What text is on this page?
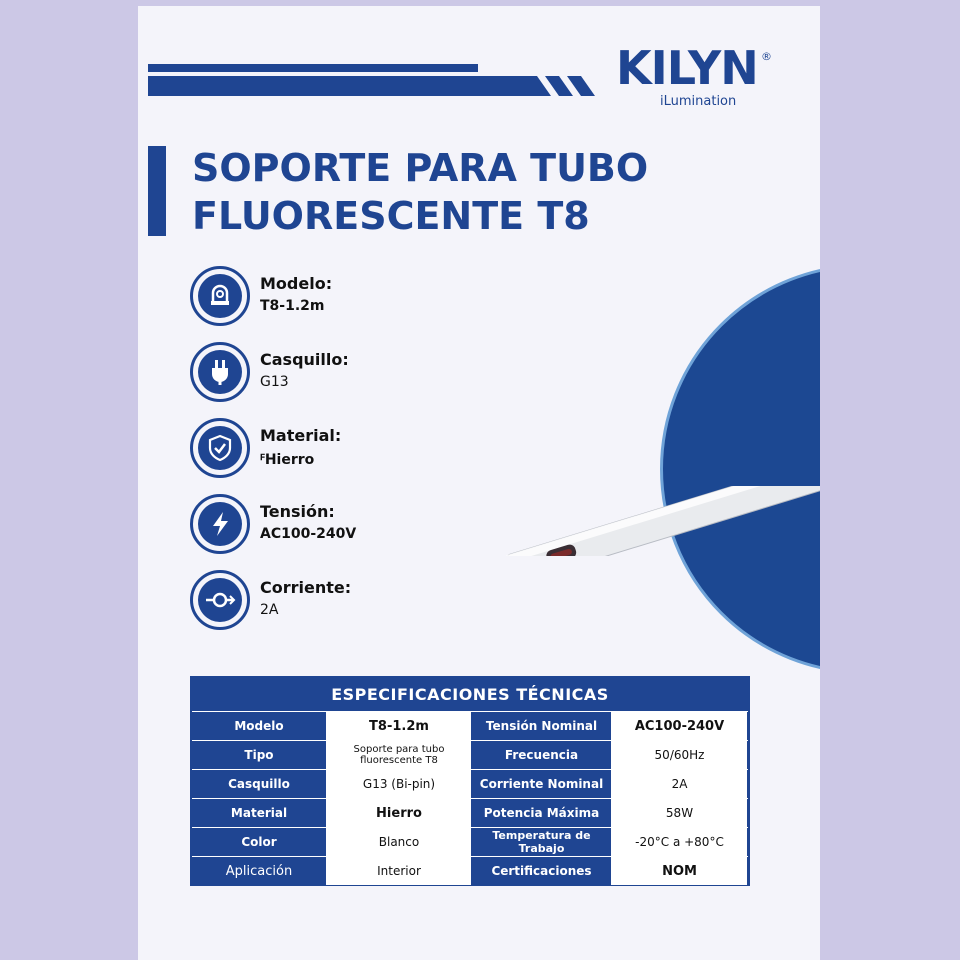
KILYN ®
iLumination
SOPORTE PARA TUBO
FLUORESCENTE T8
Modelo:
T8-1.2m
Casquillo:
G13
Material:
ꟳHierro
Tensión:
AC100-240V
Corriente:
2A
ESPECIFICACIONES TÉCNICAS
Modelo	T8-1.2m	Tensión Nominal	AC100-240V
Tipo	Soporte para tubo fluorescente T8	Frecuencia	50/60Hz
Casquillo	G13 (Bi-pin)	Corriente Nominal	2A
Material	Hierro	Potencia Máxima	58W
Color	Blanco	Temperatura de Trabajo	-20°C a +80°C
Aplicación	Interior	Certificaciones	NOM
